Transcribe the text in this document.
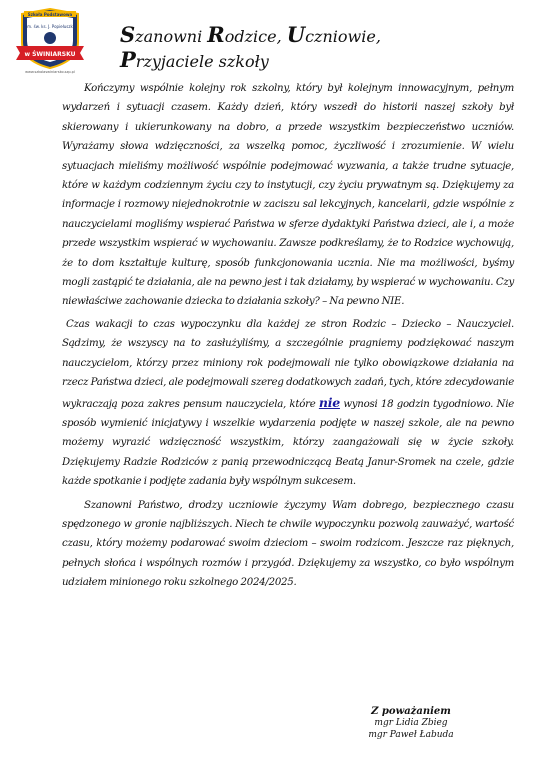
Szkoła Podstawowa
im. św. ks. J. Popiełuszki
w ŚWINIARSKU
www.szkolaswiniarsko.szp.pl
Szanowni Rodzice, Uczniowie, Przyjaciele szkoły

Kończymy wspólnie kolejny rok szkolny, który był kolejnym innowacyjnym, pełnym wydarzeń i sytuacji czasem. Każdy dzień, który wszedł do historii naszej szkoły był skierowany i ukierunkowany na dobro, a przede wszystkim bezpieczeństwo uczniów. Wyrażamy słowa wdzięczności, za wszelką pomoc, życzliwość i zrozumienie. W wielu sytuacjach mieliśmy możliwość wspólnie podejmować wyzwania, a także trudne sytuacje, które w każdym codziennym życiu czy to instytucji, czy życiu prywatnym są. Dziękujemy za informacje i rozmowy niejednokrotnie w zaciszu sal lekcyjnych, kancelarii, gdzie wspólnie z nauczycielami mogliśmy wspierać Państwa w sferze dydaktyki Państwa dzieci, ale i, a może przede wszystkim wspierać w wychowaniu. Zawsze podkreślamy, że to Rodzice wychowują, że to dom kształtuje kulturę, sposób funkcjonowania ucznia. Nie ma możliwości, byśmy mogli zastąpić te działania, ale na pewno jest i tak działamy, by wspierać w wychowaniu. Czy niewłaściwe zachowanie dziecka to działania szkoły? – Na pewno NIE.

Czas wakacji to czas wypoczynku dla każdej ze stron Rodzic – Dziecko – Nauczyciel. Sądzimy, że wszyscy na to zasłużyliśmy, a szczególnie pragniemy podziękować naszym nauczycielom, którzy przez miniony rok podejmowali nie tylko obowiązkowe działania na rzecz Państwa dzieci, ale podejmowali szereg dodatkowych zadań, tych, które zdecydowanie wykraczają poza zakres pensum nauczyciela, które nie wynosi 18 godzin tygodniowo. Nie sposób wymienić inicjatywy i wszelkie wydarzenia podjęte w naszej szkole, ale na pewno możemy wyrazić wdzięczność wszystkim, którzy zaangażowali się w życie szkoły. Dziękujemy Radzie Rodziców z panią przewodniczącą Beatą Janur-Sromek na czele, gdzie każde spotkanie i podjęte zadania były wspólnym sukcesem.

Szanowni Państwo, drodzy uczniowie życzymy Wam dobrego, bezpiecznego czasu spędzonego w gronie najbliższych. Niech te chwile wypoczynku pozwolą zauważyć, wartość czasu, który możemy podarować swoim dzieciom – swoim rodzicom. Jeszcze raz pięknych, pełnych słońca i wspólnych rozmów i przygód. Dziękujemy za wszystko, co było wspólnym udziałem minionego roku szkolnego 2024/2025.

Z poważaniem
mgr Lidia Zbieg
mgr Paweł Łabuda
